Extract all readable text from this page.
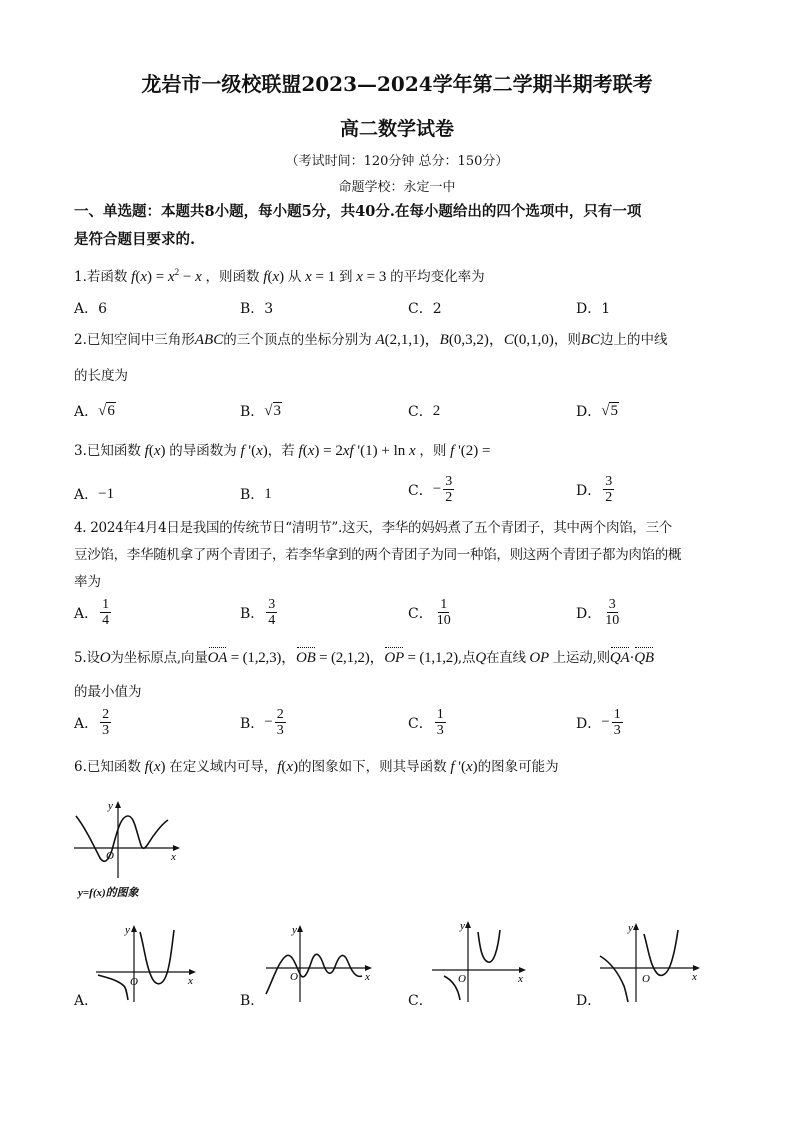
龙岩市一级校联盟2023—2024学年第二学期半期考联考
高二数学试卷
（考试时间：120分钟 总分：150分）
命题学校：永定一中
一、单选题：本题共8小题，每小题5分，共40分.在每小题给出的四个选项中，只有一项
是符合题目要求的.
1.若函数 $f(x) = x^2 - x$ ，则函数 f(x) 从 x = 1 到 x = 3 的平均变化率为
A．6	B．3	C．2	D．1
2.已知空间中三角形ABC的三个顶点的坐标分别为 A(2,1,1)，B(0,3,2)，C(0,1,0)，则BC边上的中线
的长度为
A． √6	B． √3	C． 2	D． √5
3.已知函数 f(x) 的导函数为 f '(x)，若 f(x) = 2xf '(1) + ln x ，则 f '(2) =
A． −1	B． 1	C． − $\frac{3}{2}$	D． $\frac{3}{2}$
4. 2024年4月4日是我国的传统节日“清明节”.这天，李华的妈妈煮了五个青团子，其中两个肉馅，三个
豆沙馅，李华随机拿了两个青团子，若李华拿到的两个青团子为同一种馅，则这两个青团子都为肉馅的概
率为
A． $\frac{1}{4}$	B． $\frac{3}{4}$	C． $\frac{1}{10}$	D． $\frac{3}{10}$
5.设O为坐标原点,向量OA = (1,2,3)，OB = (2,1,2)，OP = (1,1,2),点Q在直线 OP 上运动,则QA·QB
的最小值为
A． $\frac{2}{3}$	B． − $\frac{2}{3}$	C． $\frac{1}{3}$	D． − $\frac{1}{3}$
6.已知函数 f(x) 在定义域内可导，f(x)的图象如下，则其导函数 f '(x)的图象可能为
y
x
O
y=f(x)的图象
A．
y
x
O
B．
y
x
O
C．
y
x
O
D．
y
x
O
